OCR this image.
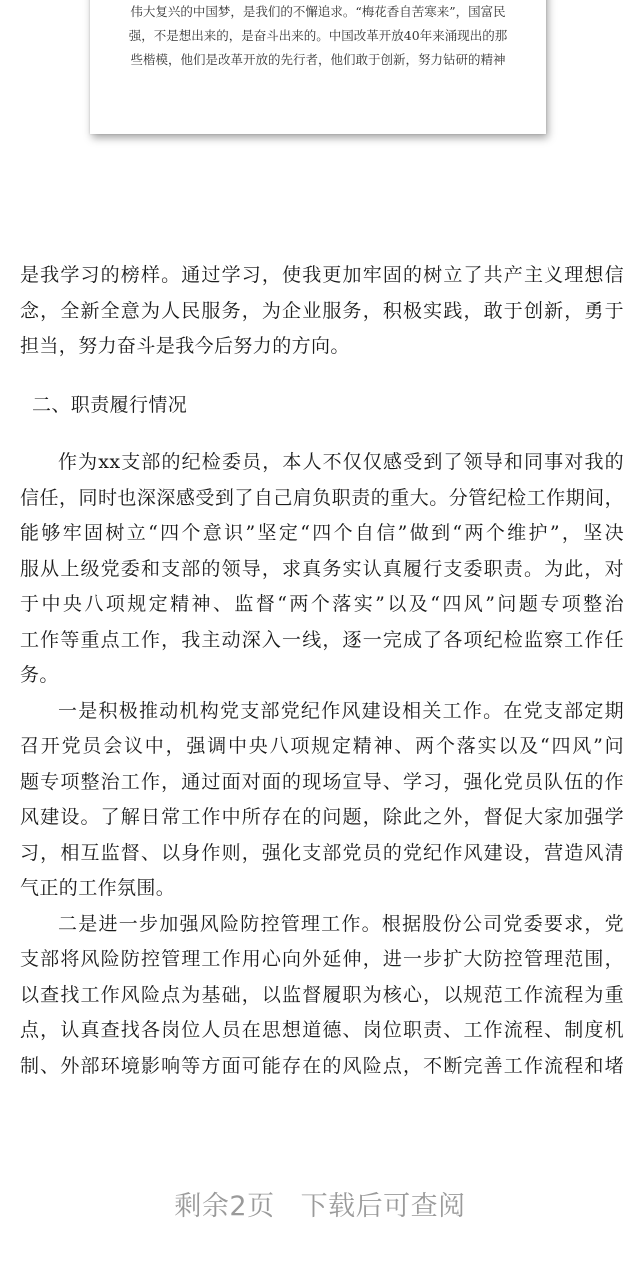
伟大复兴的中国梦，是我们的不懈追求。“梅花香自苦寒来”，国富民
强，不是想出来的，是奋斗出来的。中国改革开放40年来涌现出的那
些楷模，他们是改革开放的先行者，他们敢于创新，努力钻研的精神
是我学习的榜样。通过学习，使我更加牢固的树立了共产主义理想信
念，全新全意为人民服务，为企业服务，积极实践，敢于创新，勇于
担当，努力奋斗是我今后努力的方向。
二、职责履行情况
作为xx支部的纪检委员，本人不仅仅感受到了领导和同事对我的
信任，同时也深深感受到了自己肩负职责的重大。分管纪检工作期间，
能够牢固树立“四个意识”坚定“四个自信”做到“两个维护”，坚决
服从上级党委和支部的领导，求真务实认真履行支委职责。为此，对
于中央八项规定精神、监督“两个落实”以及“四风”问题专项整治
工作等重点工作，我主动深入一线，逐一完成了各项纪检监察工作任
务。
一是积极推动机构党支部党纪作风建设相关工作。在党支部定期
召开党员会议中，强调中央八项规定精神、两个落实以及“四风”问
题专项整治工作，通过面对面的现场宣导、学习，强化党员队伍的作
风建设。了解日常工作中所存在的问题，除此之外，督促大家加强学
习，相互监督、以身作则，强化支部党员的党纪作风建设，营造风清
气正的工作氛围。
二是进一步加强风险防控管理工作。根据股份公司党委要求，党
支部将风险防控管理工作用心向外延伸，进一步扩大防控管理范围，
以查找工作风险点为基础，以监督履职为核心，以规范工作流程为重
点，认真查找各岗位人员在思想道德、岗位职责、工作流程、制度机
制、外部环境影响等方面可能存在的风险点，不断完善工作流程和堵
剩余2页 下载后可查阅
